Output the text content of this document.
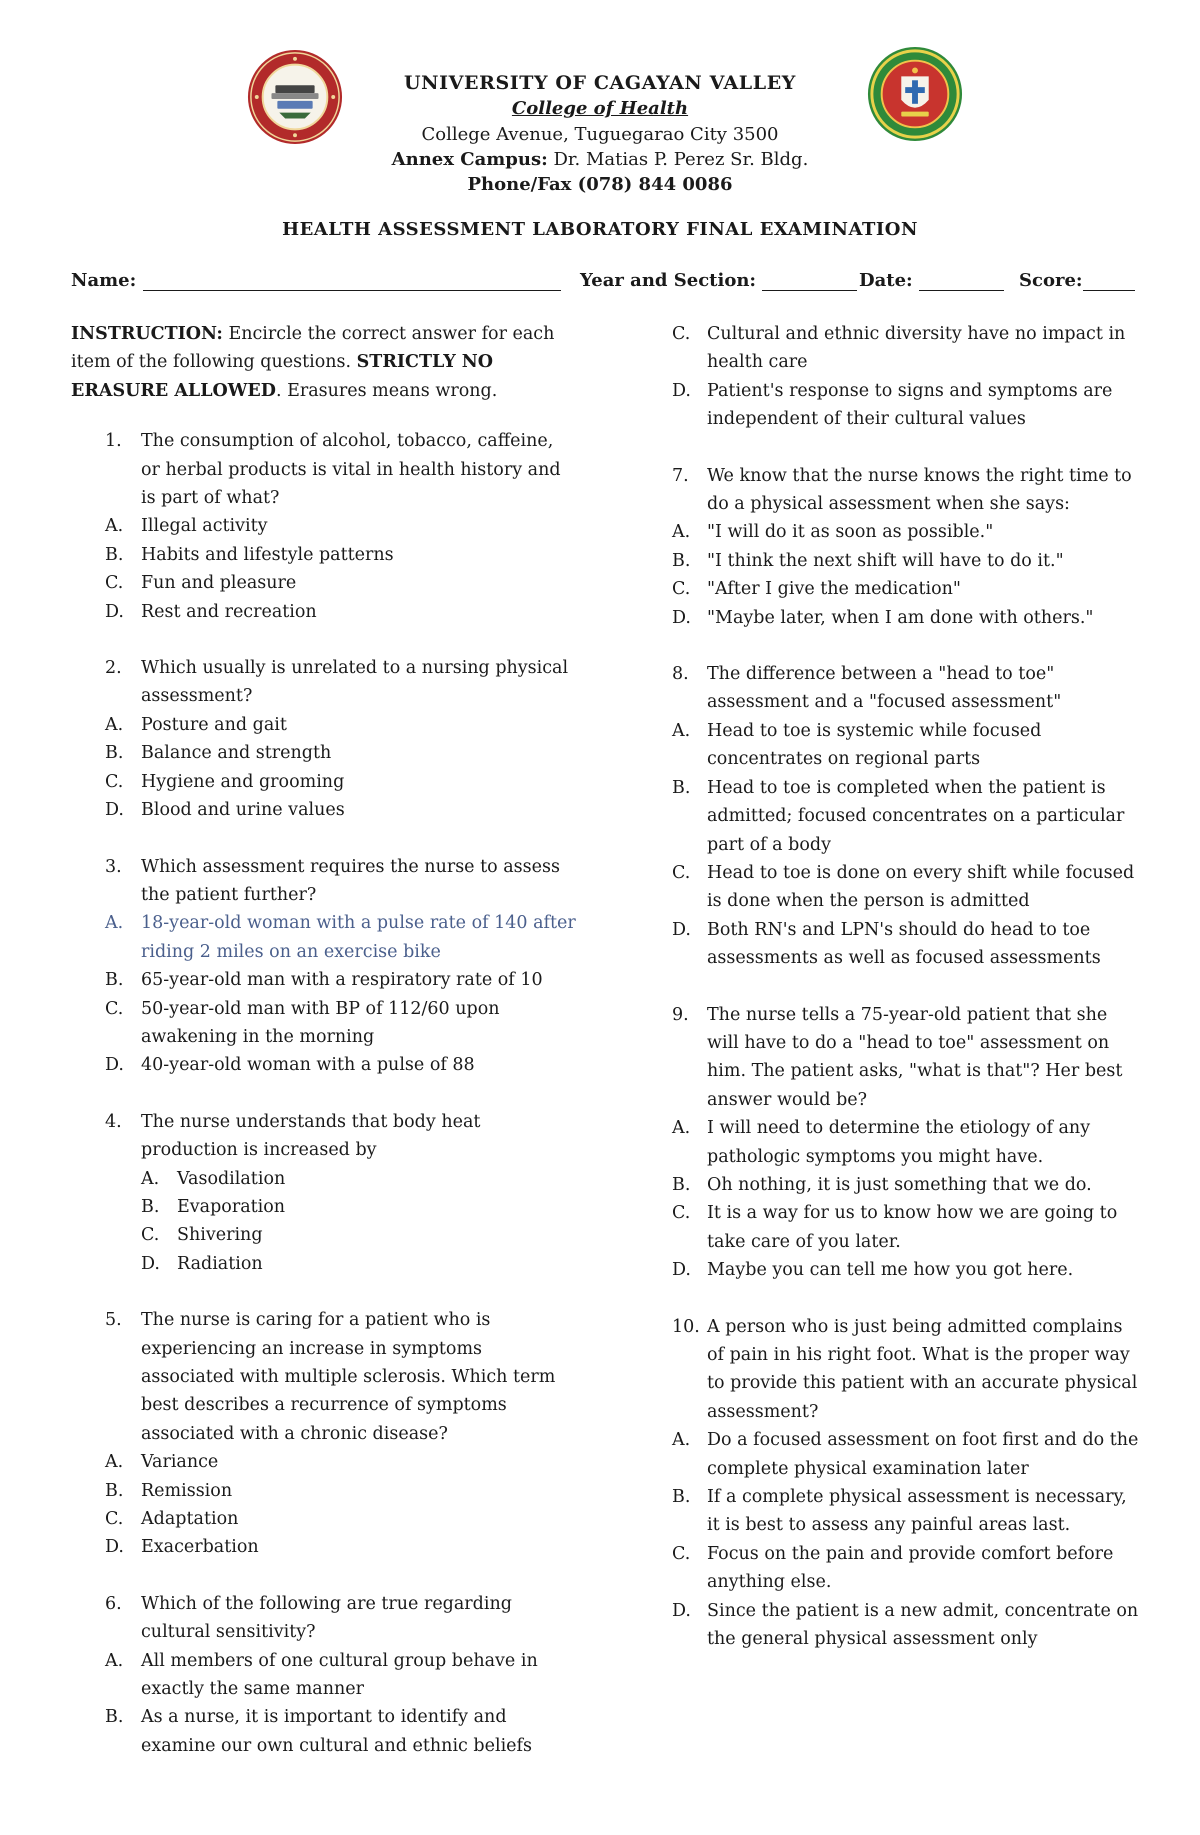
UNIVERSITY OF CAGAYAN VALLEY
College of Health
College Avenue, Tuguegarao City 3500
Annex Campus: Dr. Matias P. Perez Sr. Bldg.
Phone/Fax (078) 844 0086
HEALTH ASSESSMENT LABORATORY FINAL EXAMINATION
Name:	Year and Section:	Date:	Score:
INSTRUCTION: Encircle the correct answer for each item of the following questions. STRICTLY NO ERASURE ALLOWED. Erasures means wrong.
1. The consumption of alcohol, tobacco, caffeine, or herbal products is vital in health history and is part of what?
A. Illegal activity
B. Habits and lifestyle patterns
C. Fun and pleasure
D. Rest and recreation
2. Which usually is unrelated to a nursing physical assessment?
A. Posture and gait
B. Balance and strength
C. Hygiene and grooming
D. Blood and urine values
3. Which assessment requires the nurse to assess the patient further?
A. 18-year-old woman with a pulse rate of 140 after riding 2 miles on an exercise bike
B. 65-year-old man with a respiratory rate of 10
C. 50-year-old man with BP of 112/60 upon awakening in the morning
D. 40-year-old woman with a pulse of 88
4. The nurse understands that body heat production is increased by
A. Vasodilation
B. Evaporation
C. Shivering
D. Radiation
5. The nurse is caring for a patient who is experiencing an increase in symptoms associated with multiple sclerosis. Which term best describes a recurrence of symptoms associated with a chronic disease?
A. Variance
B. Remission
C. Adaptation
D. Exacerbation
6. Which of the following are true regarding cultural sensitivity?
A. All members of one cultural group behave in exactly the same manner
B. As a nurse, it is important to identify and examine our own cultural and ethnic beliefs
C. Cultural and ethnic diversity have no impact in health care
D. Patient's response to signs and symptoms are independent of their cultural values
7. We know that the nurse knows the right time to do a physical assessment when she says:
A. "I will do it as soon as possible."
B. "I think the next shift will have to do it."
C. "After I give the medication"
D. "Maybe later, when I am done with others."
8. The difference between a "head to toe" assessment and a "focused assessment"
A. Head to toe is systemic while focused concentrates on regional parts
B. Head to toe is completed when the patient is admitted; focused concentrates on a particular part of a body
C. Head to toe is done on every shift while focused is done when the person is admitted
D. Both RN's and LPN's should do head to toe assessments as well as focused assessments
9. The nurse tells a 75-year-old patient that she will have to do a "head to toe" assessment on him. The patient asks, "what is that"? Her best answer would be?
A. I will need to determine the etiology of any pathologic symptoms you might have.
B. Oh nothing, it is just something that we do.
C. It is a way for us to know how we are going to take care of you later.
D. Maybe you can tell me how you got here.
10. A person who is just being admitted complains of pain in his right foot. What is the proper way to provide this patient with an accurate physical assessment?
A. Do a focused assessment on foot first and do the complete physical examination later
B. If a complete physical assessment is necessary, it is best to assess any painful areas last.
C. Focus on the pain and provide comfort before anything else.
D. Since the patient is a new admit, concentrate on the general physical assessment only
